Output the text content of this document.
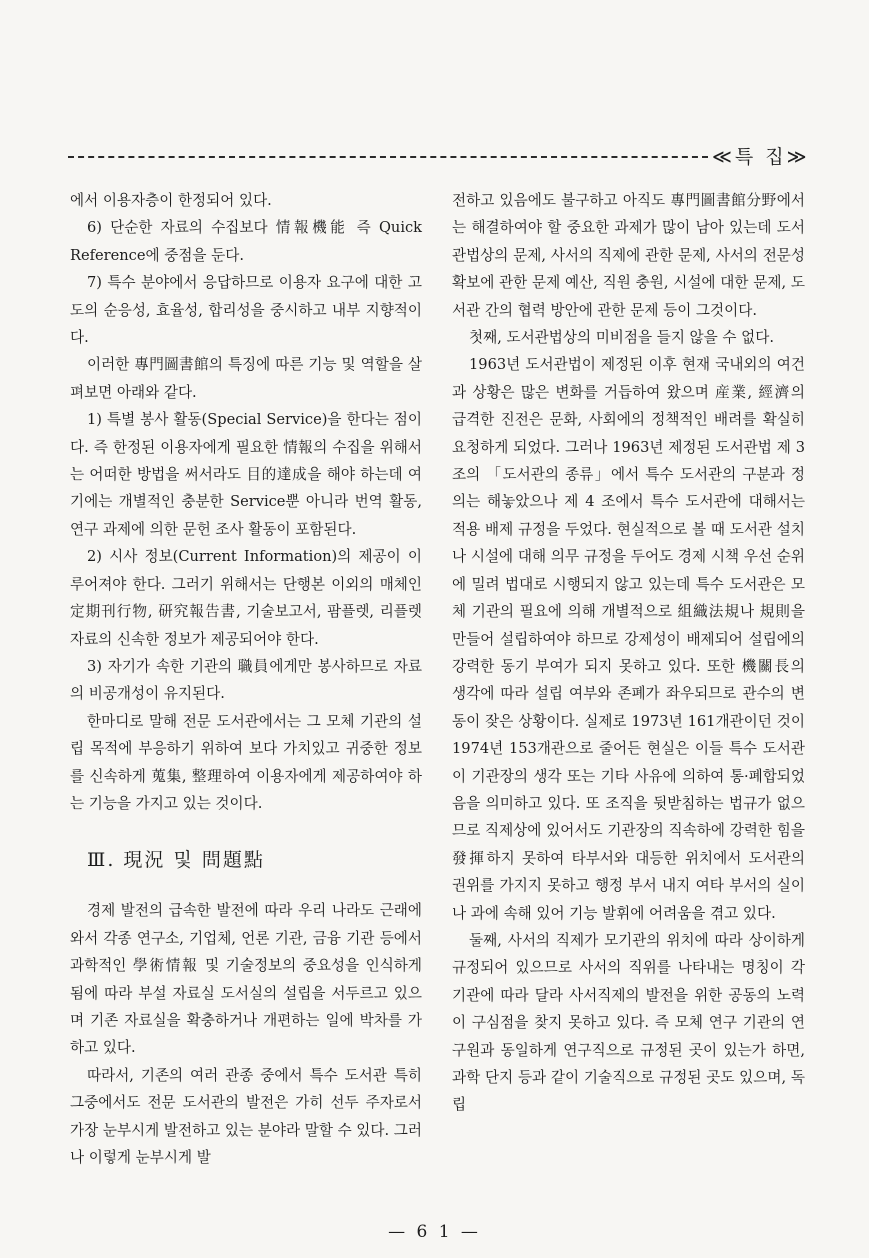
≪특 집≫

에서 이용자층이 한정되어 있다.

6) 단순한 자료의 수집보다 情報機能 즉 Quick Reference에 중점을 둔다.

7) 특수 분야에서 응답하므로 이용자 요구에 대한 고도의 순응성, 효율성, 합리성을 중시하고 내부 지향적이다.

이러한 專門圖書館의 특징에 따른 기능 및 역할을 살펴보면 아래와 같다.

1) 특별 봉사 활동(Special Service)을 한다는 점이다. 즉 한정된 이용자에게 필요한 情報의 수집을 위해서는 어떠한 방법을 써서라도 目的達成을 해야 하는데 여기에는 개별적인 충분한 Service뿐 아니라 번역 활동, 연구 과제에 의한 문헌 조사 활동이 포함된다.

2) 시사 정보(Current Information)의 제공이 이루어져야 한다. 그러기 위해서는 단행본 이외의 매체인 定期刊行物, 研究報告書, 기술보고서, 팜플렛, 리플렛 자료의 신속한 정보가 제공되어야 한다.

3) 자기가 속한 기관의 職員에게만 봉사하므로 자료의 비공개성이 유지된다.

한마디로 말해 전문 도서관에서는 그 모체 기관의 설립 목적에 부응하기 위하여 보다 가치있고 귀중한 정보를 신속하게 蒐集, 整理하여 이용자에게 제공하여야 하는 기능을 가지고 있는 것이다.

Ⅲ. 現況 및 問題點

경제 발전의 급속한 발전에 따라 우리 나라도 근래에 와서 각종 연구소, 기업체, 언론 기관, 금융 기관 등에서 과학적인 學術情報 및 기술정보의 중요성을 인식하게 됨에 따라 부설 자료실 도서실의 설립을 서두르고 있으며 기존 자료실을 확충하거나 개편하는 일에 박차를 가하고 있다.

따라서, 기존의 여러 관종 중에서 특수 도서관 특히 그중에서도 전문 도서관의 발전은 가히 선두 주자로서 가장 눈부시게 발전하고 있는 분야라 말할 수 있다. 그러나 이렇게 눈부시게 발

전하고 있음에도 불구하고 아직도 專門圖書館分野에서는 해결하여야 할 중요한 과제가 많이 남아 있는데 도서관법상의 문제, 사서의 직제에 관한 문제, 사서의 전문성 확보에 관한 문제 예산, 직원 충원, 시설에 대한 문제, 도서관 간의 협력 방안에 관한 문제 등이 그것이다.

첫째, 도서관법상의 미비점을 들지 않을 수 없다.

1963년 도서관법이 제정된 이후 현재 국내외의 여건과 상황은 많은 변화를 거듭하여 왔으며 産業, 經濟의 급격한 진전은 문화, 사회에의 정책적인 배려를 확실히 요청하게 되었다. 그러나 1963년 제정된 도서관법 제 3 조의 「도서관의 종류」에서 특수 도서관의 구분과 정의는 해놓았으나 제 4 조에서 특수 도서관에 대해서는 적용 배제 규정을 두었다. 현실적으로 볼 때 도서관 설치나 시설에 대해 의무 규정을 두어도 경제 시책 우선 순위에 밀려 법대로 시행되지 않고 있는데 특수 도서관은 모체 기관의 필요에 의해 개별적으로 組織法規나 規則을 만들어 설립하여야 하므로 강제성이 배제되어 설립에의 강력한 동기 부여가 되지 못하고 있다. 또한 機關長의 생각에 따라 설립 여부와 존폐가 좌우되므로 관수의 변동이 잦은 상황이다. 실제로 1973년 161개관이던 것이 1974년 153개관으로 줄어든 현실은 이들 특수 도서관이 기관장의 생각 또는 기타 사유에 의하여 통·폐합되었음을 의미하고 있다. 또 조직을 뒷받침하는 법규가 없으므로 직제상에 있어서도 기관장의 직속하에 강력한 힘을 發揮하지 못하여 타부서와 대등한 위치에서 도서관의 권위를 가지지 못하고 행정 부서 내지 여타 부서의 실이나 과에 속해 있어 기능 발휘에 어려움을 겪고 있다.

둘째, 사서의 직제가 모기관의 위치에 따라 상이하게 규정되어 있으므로 사서의 직위를 나타내는 명칭이 각 기관에 따라 달라 사서직제의 발전을 위한 공동의 노력이 구심점을 찾지 못하고 있다. 즉 모체 연구 기관의 연구원과 동일하게 연구직으로 규정된 곳이 있는가 하면, 과학 단지 등과 같이 기술직으로 규정된 곳도 있으며, 독립

— 6 1 —
